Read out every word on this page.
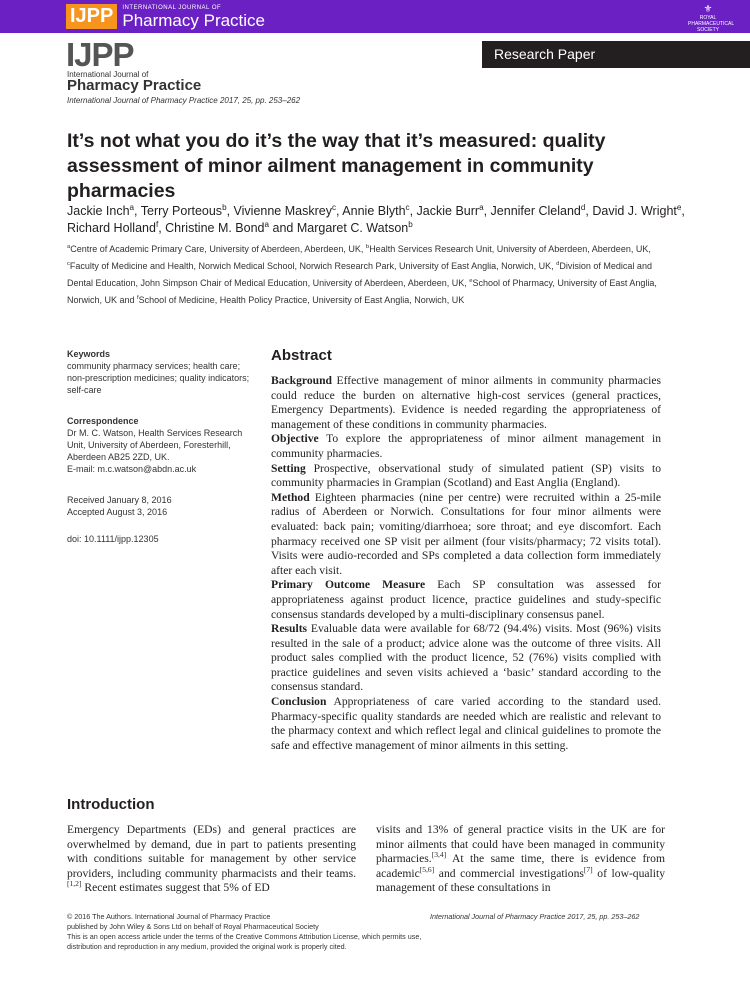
IJPP	INTERNATIONAL JOURNAL OF
Pharmacy Practice
⚜
ROYAL
PHARMACEUTICAL
SOCIETY
IJPP
International Journal of
Pharmacy Practice
International Journal of Pharmacy Practice 2017, 25, pp. 253–262
Research Paper
It’s not what you do it’s the way that it’s measured: quality assessment of minor ailment management in community pharmacies
Jackie Inch$^a$, Terry Porteous$^b$, Vivienne Maskrey$^c$, Annie Blyth$^c$, Jackie Burr$^a$, Jennifer Cleland$^d$, David J. Wright$^e$, Richard Holland$^f$, Christine M. Bond$^a$ and Margaret C. Watson$^b$
$^a$Centre of Academic Primary Care, University of Aberdeen, Aberdeen, UK, $^b$Health Services Research Unit, University of Aberdeen, Aberdeen, UK, $^c$Faculty of Medicine and Health, Norwich Medical School, Norwich Research Park, University of East Anglia, Norwich, UK, $^d$Division of Medical and Dental Education, John Simpson Chair of Medical Education, University of Aberdeen, Aberdeen, UK, $^e$School of Pharmacy, University of East Anglia, Norwich, UK and $^f$School of Medicine, Health Policy Practice, University of East Anglia, Norwich, UK
Keywords
community pharmacy services; health care; non-prescription medicines; quality indicators; self-care
Correspondence
Dr M. C. Watson, Health Services Research
Unit, University of Aberdeen, Foresterhill,
Aberdeen AB25 2ZD, UK.
E-mail: m.c.watson@abdn.ac.uk
Received January 8, 2016
Accepted August 3, 2016
doi: 10.1111/ijpp.12305
Abstract

Background Effective management of minor ailments in community pharmacies could reduce the burden on alternative high-cost services (general practices, Emergency Departments). Evidence is needed regarding the appropriateness of management of these conditions in community pharmacies.

Objective To explore the appropriateness of minor ailment management in community pharmacies.

Setting Prospective, observational study of simulated patient (SP) visits to community pharmacies in Grampian (Scotland) and East Anglia (England).

Method Eighteen pharmacies (nine per centre) were recruited within a 25-mile radius of Aberdeen or Norwich. Consultations for four minor ailments were evaluated: back pain; vomiting/diarrhoea; sore throat; and eye discomfort. Each pharmacy received one SP visit per ailment (four visits/pharmacy; 72 visits total). Visits were audio-recorded and SPs completed a data collection form immediately after each visit.

Primary Outcome Measure Each SP consultation was assessed for appropriateness against product licence, practice guidelines and study-specific consensus standards developed by a multi-disciplinary consensus panel.

Results Evaluable data were available for 68/72 (94.4%) visits. Most (96%) visits resulted in the sale of a product; advice alone was the outcome of three visits. All product sales complied with the product licence, 52 (76%) visits complied with practice guidelines and seven visits achieved a ‘basic’ standard according to the consensus standard.

Conclusion Appropriateness of care varied according to the standard used. Pharmacy-specific quality standards are needed which are realistic and relevant to the pharmacy context and which reflect legal and clinical guidelines to promote the safe and effective management of minor ailments in this setting.

Introduction
Emergency Departments (EDs) and general practices are overwhelmed by demand, due in part to patients presenting with conditions suitable for management by other service providers, including community pharmacists and their teams.[1,2] Recent estimates suggest that 5% of ED
visits and 13% of general practice visits in the UK are for minor ailments that could have been managed in community pharmacies.[3,4] At the same time, there is evidence from academic[5,6] and commercial investigations[7] of low-quality management of these consultations in
© 2016 The Authors. International Journal of Pharmacy Practice
published by John Wiley & Sons Ltd on behalf of Royal Pharmaceutical Society
This is an open access article under the terms of the Creative Commons Attribution License, which permits use,
distribution and reproduction in any medium, provided the original work is properly cited.
International Journal of Pharmacy Practice 2017, 25, pp. 253–262
